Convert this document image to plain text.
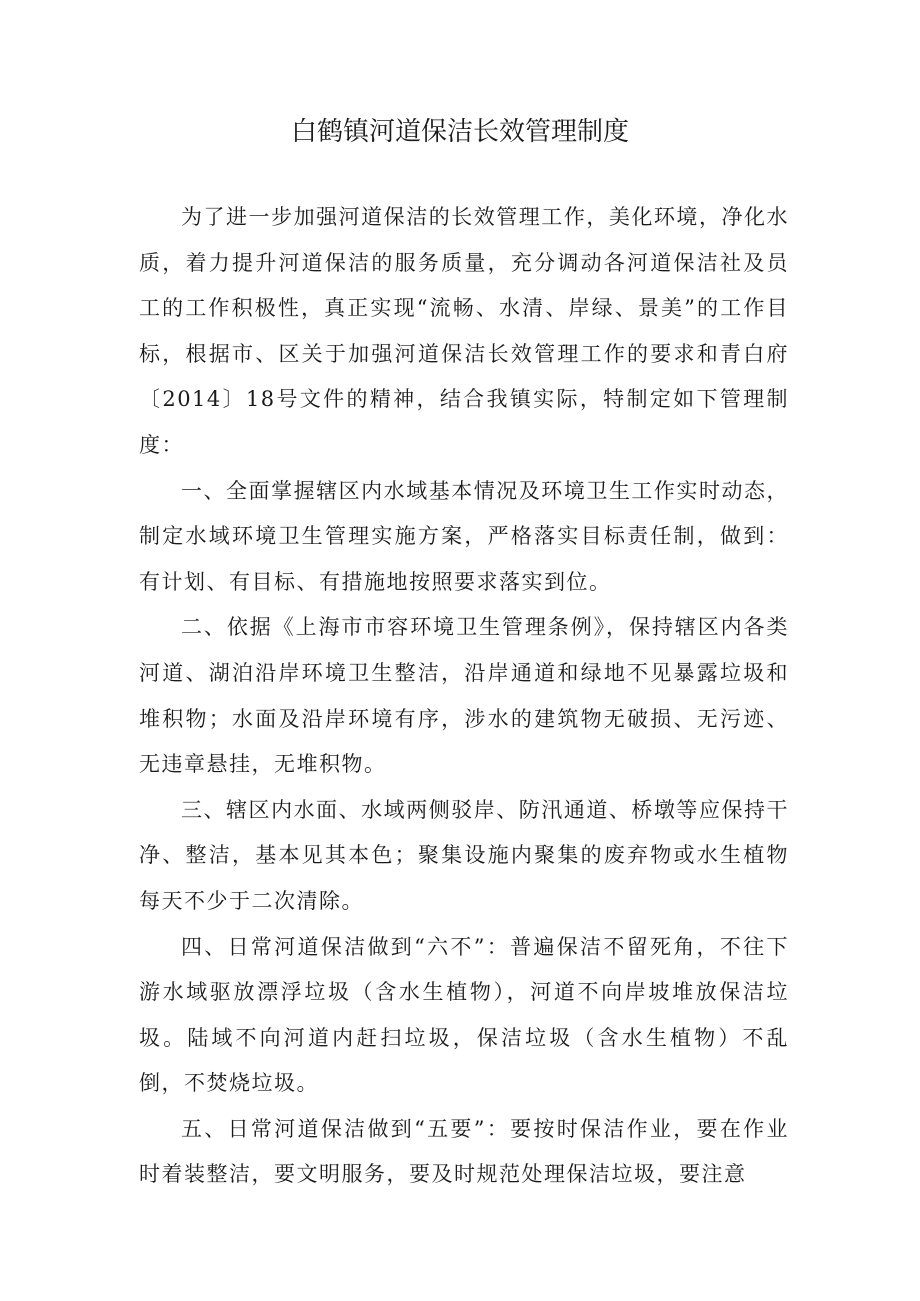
白鹤镇河道保洁长效管理制度

为了进一步加强河道保洁的长效管理工作，美化环境，净化水质，着力提升河道保洁的服务质量，充分调动各河道保洁社及员工的工作积极性，真正实现“流畅、水清、岸绿、景美”的工作目标，根据市、区关于加强河道保洁长效管理工作的要求和青白府〔2014〕18号文件的精神，结合我镇实际，特制定如下管理制度：

一、全面掌握辖区内水域基本情况及环境卫生工作实时动态，制定水域环境卫生管理实施方案，严格落实目标责任制，做到：有计划、有目标、有措施地按照要求落实到位。

二、依据《上海市市容环境卫生管理条例》，保持辖区内各类河道、湖泊沿岸环境卫生整洁，沿岸通道和绿地不见暴露垃圾和堆积物；水面及沿岸环境有序，涉水的建筑物无破损、无污迹、无违章悬挂，无堆积物。

三、辖区内水面、水域两侧驳岸、防汛通道、桥墩等应保持干净、整洁，基本见其本色；聚集设施内聚集的废弃物或水生植物每天不少于二次清除。

四、日常河道保洁做到“六不”：普遍保洁不留死角，不往下游水域驱放漂浮垃圾（含水生植物），河道不向岸坡堆放保洁垃圾。陆域不向河道内赶扫垃圾，保洁垃圾（含水生植物）不乱倒，不焚烧垃圾。

五、日常河道保洁做到“五要”：要按时保洁作业，要在作业时着装整洁，要文明服务，要及时规范处理保洁垃圾，要注意
